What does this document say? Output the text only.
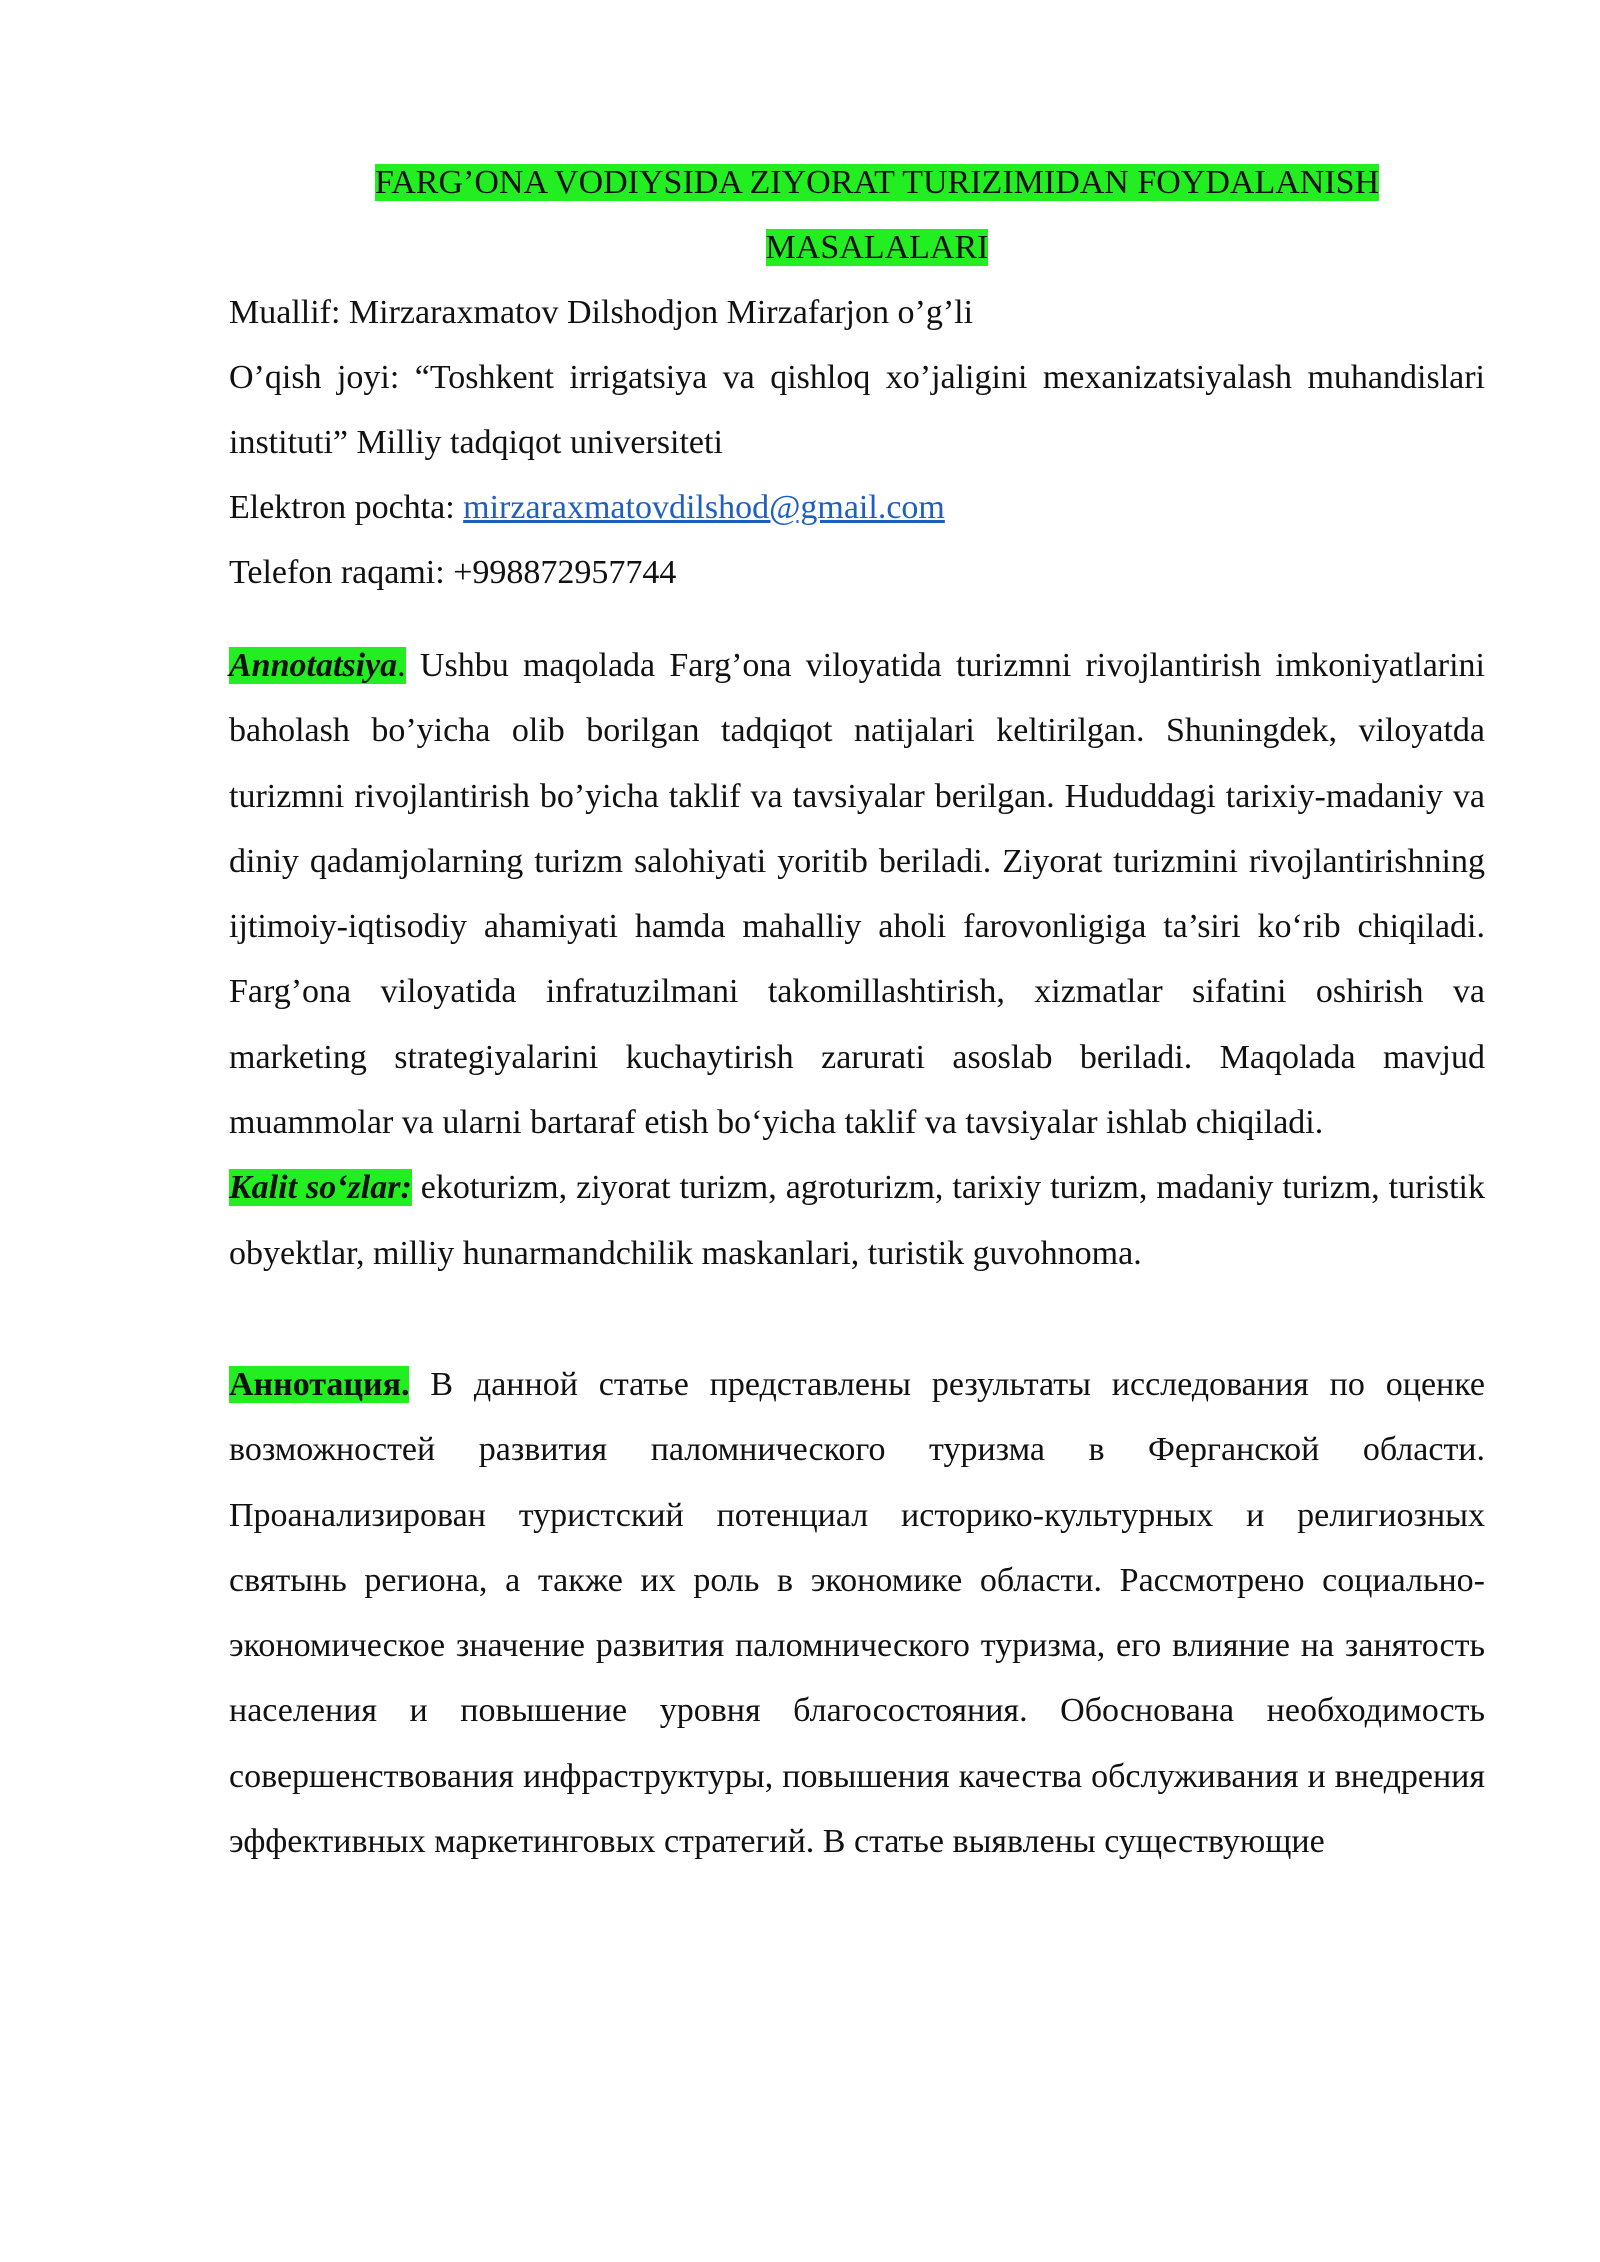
FARG’ONA VODIYSIDA ZIYORAT TURIZIMIDAN FOYDALANISH
MASALALARI

Muallif: Mirzaraxmatov Dilshodjon Mirzafarjon o’g’li

O’qish joyi: “Toshkent irrigatsiya va qishloq xo’jaligini mexanizatsiyalash muhandislari instituti” Milliy tadqiqot universiteti

Elektron pochta: mirzaraxmatovdilshod@gmail.com

Telefon raqami: +998872957744

Annotatsiya. Ushbu maqolada Farg’ona viloyatida turizmni rivojlantirish imkoniyatlarini baholash bo’yicha olib borilgan tadqiqot natijalari keltirilgan. Shuningdek, viloyatda turizmni rivojlantirish bo’yicha taklif va tavsiyalar berilgan. Hududdagi tarixiy-madaniy va diniy qadamjolarning turizm salohiyati yoritib beriladi. Ziyorat turizmini rivojlantirishning ijtimoiy-iqtisodiy ahamiyati hamda mahalliy aholi farovonligiga ta’siri ko‘rib chiqiladi. Farg’ona viloyatida infratuzilmani takomillashtirish, xizmatlar sifatini oshirish va marketing strategiyalarini kuchaytirish zarurati asoslab beriladi. Maqolada mavjud muammolar va ularni bartaraf etish bo‘yicha taklif va tavsiyalar ishlab chiqiladi.

Kalit so‘zlar: ekoturizm, ziyorat turizm, agroturizm, tarixiy turizm, madaniy turizm, turistik obyektlar, milliy hunarmandchilik maskanlari, turistik guvohnoma.

Аннотация. В данной статье представлены результаты исследования по оценке возможностей развития паломнического туризма в Ферганской области. Проанализирован туристский потенциал историко-культурных и религиозных святынь региона, а также их роль в экономике области. Рассмотрено социально-экономическое значение развития паломнического туризма, его влияние на занятость населения и повышение уровня благосостояния. Обоснована необходимость совершенствования инфраструктуры, повышения качества обслуживания и внедрения эффективных маркетинговых стратегий. В статье выявлены существующие
